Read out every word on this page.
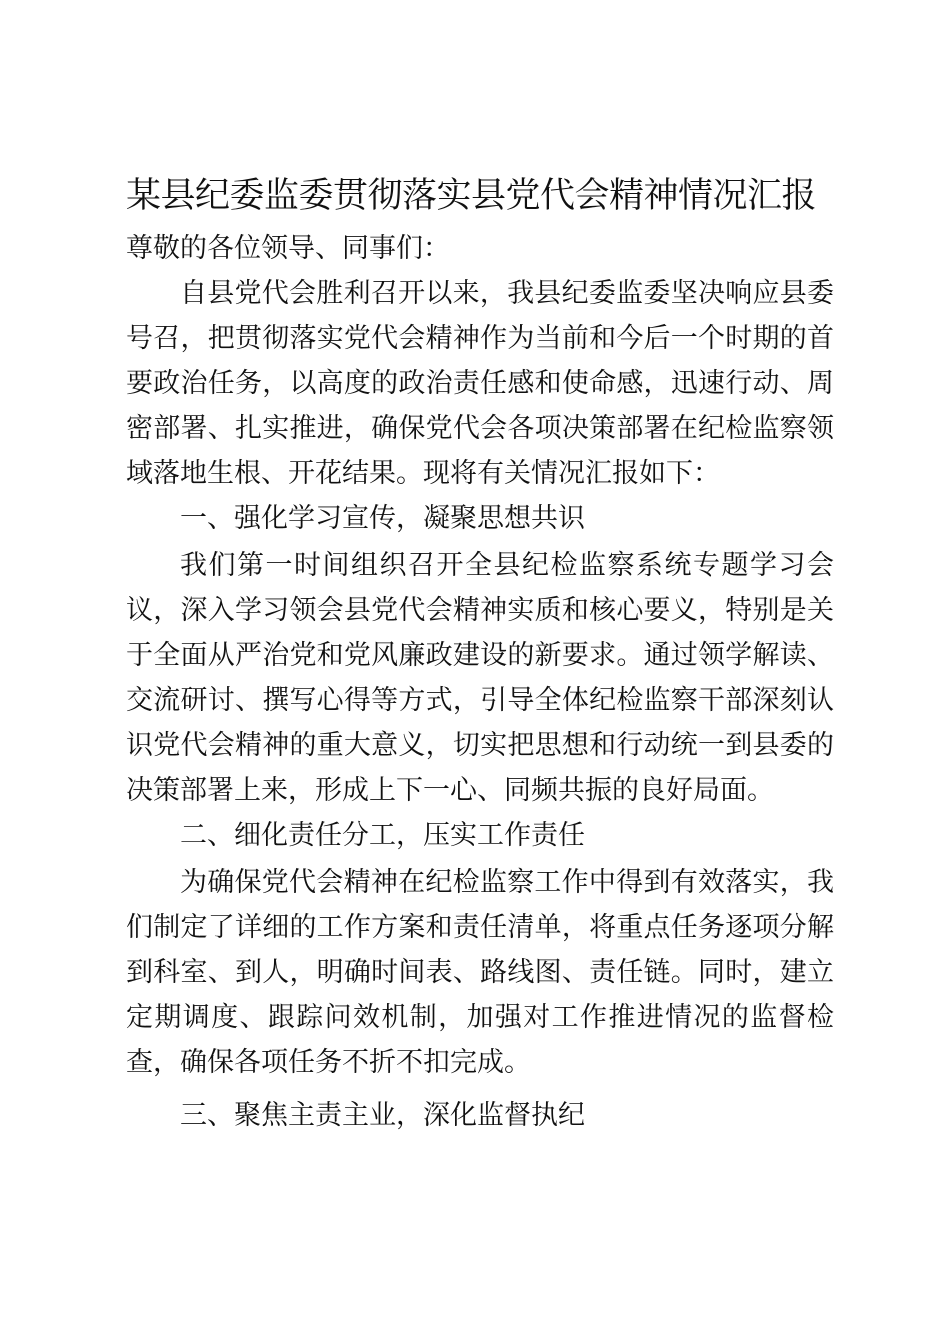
某县纪委监委贯彻落实县党代会精神情况汇报

尊敬的各位领导、同事们：

自县党代会胜利召开以来，我县纪委监委坚决响应县委号召，把贯彻落实党代会精神作为当前和今后一个时期的首要政治任务，以高度的政治责任感和使命感，迅速行动、周密部署、扎实推进，确保党代会各项决策部署在纪检监察领域落地生根、开花结果。现将有关情况汇报如下：

一、强化学习宣传，凝聚思想共识

我们第一时间组织召开全县纪检监察系统专题学习会议，深入学习领会县党代会精神实质和核心要义，特别是关于全面从严治党和党风廉政建设的新要求。通过领学解读、交流研讨、撰写心得等方式，引导全体纪检监察干部深刻认识党代会精神的重大意义，切实把思想和行动统一到县委的决策部署上来，形成上下一心、同频共振的良好局面。

二、细化责任分工，压实工作责任

为确保党代会精神在纪检监察工作中得到有效落实，我们制定了详细的工作方案和责任清单，将重点任务逐项分解到科室、到人，明确时间表、路线图、责任链。同时，建立定期调度、跟踪问效机制，加强对工作推进情况的监督检查，确保各项任务不折不扣完成。

三、聚焦主责主业，深化监督执纪
